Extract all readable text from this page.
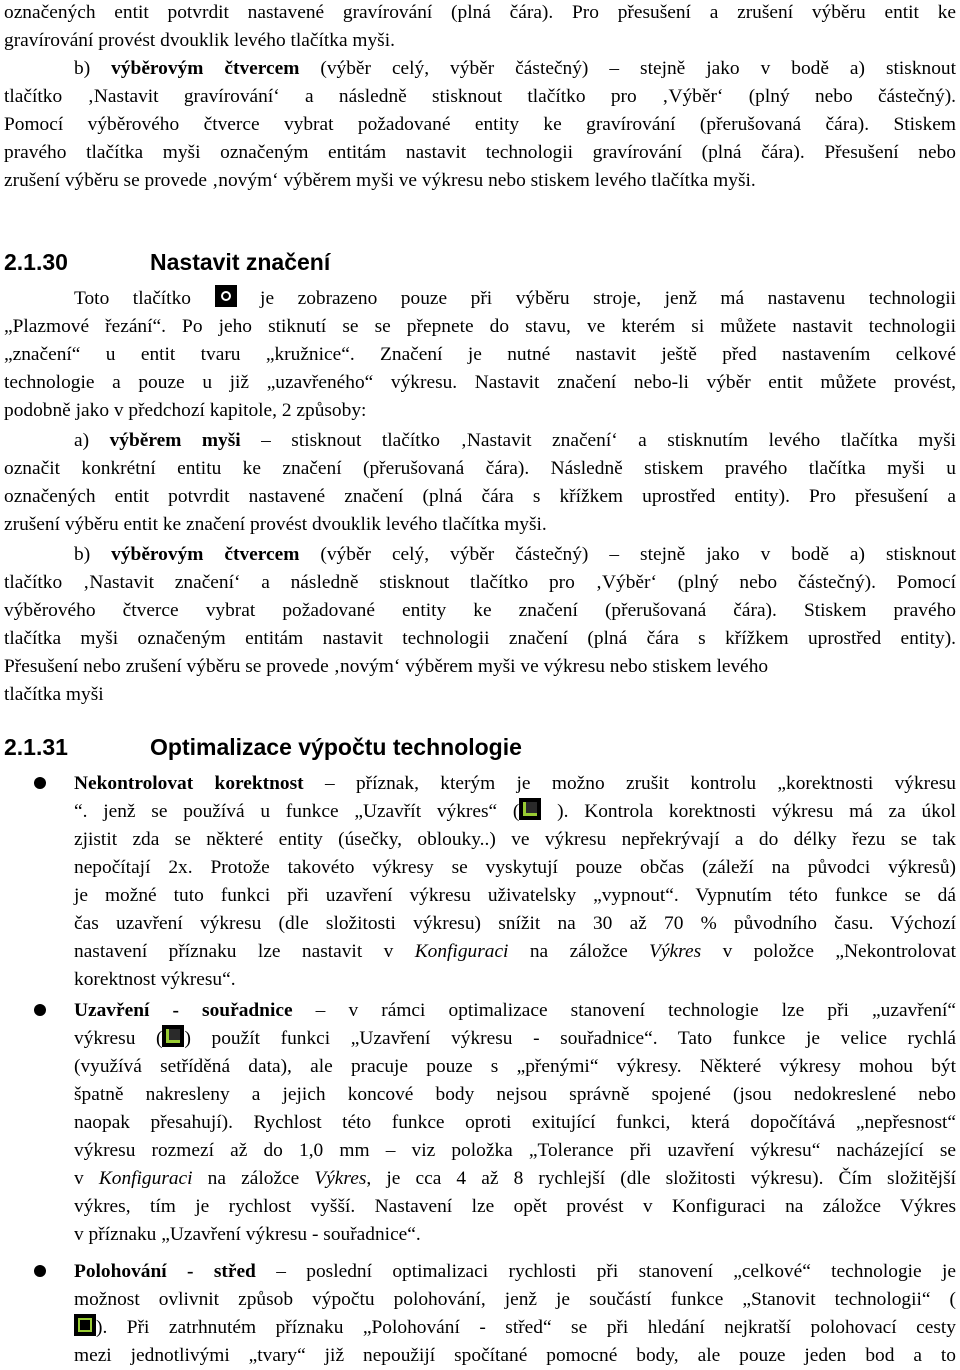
označených entit potvrdit nastavené gravírování (plná čára). Pro přesušení a zrušení výběru entit ke
gravírování provést dvouklik levého tlačítka myši.
b) výběrovým čtvercem (výběr celý, výběr částečný) – stejně jako v bodě a) stisknout
tlačítko ‚Nastavit gravírování‘ a následně stisknout tlačítko pro ‚Výběr‘ (plný nebo částečný).
Pomocí výběrového čtverce vybrat požadované entity ke gravírování (přerušovaná čára). Stiskem
pravého tlačítka myši označeným entitám nastavit technologii gravírování (plná čára). Přesušení nebo
zrušení výběru se provede ‚novým‘ výběrem myši ve výkresu nebo stiskem levého tlačítka myši.
2.1.30	Nastavit značení
Toto tlačítko  je zobrazeno pouze při výběru stroje, jenž má nastavenu technologii
„Plazmové řezání“. Po jeho stiknutí se se přepnete do stavu, ve kterém si můžete nastavit technologii
„značení“ u entit tvaru „kružnice“. Značení je nutné nastavit ještě před nastavením celkové
technologie a pouze u již „uzavřeného“ výkresu. Nastavit značení nebo-li výběr entit můžete provést,
podobně jako v předchozí kapitole, 2 způsoby:
a) výběrem myši – stisknout tlačítko ‚Nastavit značení‘ a stisknutím levého tlačítka myši
označit konkrétní entitu ke značení (přerušovaná čára). Následně stiskem pravého tlačítka myši u
označených entit potvrdit nastavené značení (plná čára s křížkem uprostřed entity). Pro přesušení a
zrušení výběru entit ke značení provést dvouklik levého tlačítka myši.
b) výběrovým čtvercem (výběr celý, výběr částečný) – stejně jako v bodě a) stisknout
tlačítko ‚Nastavit značení‘ a následně stisknout tlačítko pro ‚Výběr‘ (plný nebo částečný). Pomocí
výběrového čtverce vybrat požadované entity ke značení (přerušovaná čára). Stiskem pravého
tlačítka myši označeným entitám nastavit technologii značení (plná čára s křížkem uprostřed entity).
Přesušení nebo zrušení výběru se provede ‚novým‘ výběrem myši ve výkresu nebo stiskem levého
tlačítka myši
2.1.31	Optimalizace výpočtu technologie
Nekontrolovat korektnost – příznak, kterým je možno zrušit kontrolu „korektnosti výkresu
“. jenž se používá u funkce „Uzavřít výkres“ ( ). Kontrola korektnosti výkresu má za úkol
zjistit zda se některé entity (úsečky, oblouky..) ve výkresu nepřekrývají a do délky řezu se tak
nepočítají 2x. Protože takovéto výkresy se vyskytují pouze občas (záleží na původci výkresů)
je možné tuto funkci při uzavření výkresu uživatelsky „vypnout“. Vypnutím této funkce se dá
čas uzavření výkresu (dle složitosti výkresu) snížit na 30 až 70 % původního času. Výchozí
nastavení příznaku lze nastavit v Konfiguraci na záložce Výkres v položce „Nekontrolovat
korektnost výkresu“.
Uzavření - souřadnice – v rámci optimalizace stanovení technologie lze při „uzavření“
výkresu ( ) použít funkci „Uzavření výkresu - souřadnice“. Tato funkce je velice rychlá
(využívá setříděná data), ale pracuje pouze s „přenými“ výkresy. Některé výkresy mohou být
špatně nakresleny a jejich koncové body nejsou správně spojené (jsou nedokreslené nebo
naopak přesahují). Rychlost této funkce oproti exitující funkci, která dopočítává „nepřesnost“
výkresu rozmezí až do 1,0 mm – viz položka „Tolerance při uzavření výkresu“ nacházející se
v Konfiguraci na záložce Výkres, je cca 4 až 8 rychlejší (dle složitosti výkresu). Čím složitější
výkres, tím je rychlost vyšší. Nastavení lze opět provést v Konfiguraci na záložce Výkres
v příznaku „Uzavření výkresu - souřadnice“.
Polohování - střed – poslední optimalizaci rychlosti při stanovení „celkové“ technologie je
možnost ovlivnit způsob výpočtu polohování, jenž je součástí funkce „Stanovit technologii“ (
). Při zatrhnutém příznaku „Polohování - střed“ se při hledání nejkratší polohovací cesty
mezi jednotlivými „tvary“ již nepoužijí spočítané pomocné body, ale pouze jeden bod a to
